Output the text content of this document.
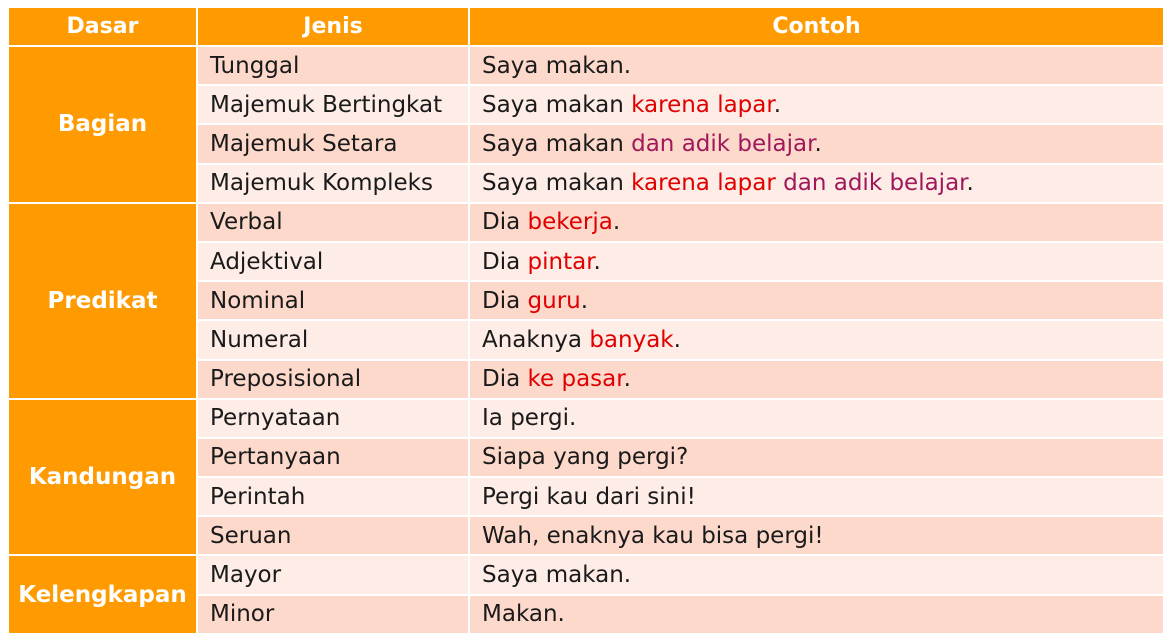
Dasar	Jenis	Contoh
Bagian	Tunggal	Saya makan.
	Majemuk Bertingkat	Saya makan karena lapar.
	Majemuk Setara	Saya makan dan adik belajar.
	Majemuk Kompleks	Saya makan karena lapar dan adik belajar.
Predikat	Verbal	Dia bekerja.
	Adjektival	Dia pintar.
	Nominal	Dia guru.
	Numeral	Anaknya banyak.
	Preposisional	Dia ke pasar.
Kandungan	Pernyataan	Ia pergi.
	Pertanyaan	Siapa yang pergi?
	Perintah	Pergi kau dari sini!
	Seruan	Wah, enaknya kau bisa pergi!
Kelengkapan	Mayor	Saya makan.
	Minor	Makan.
